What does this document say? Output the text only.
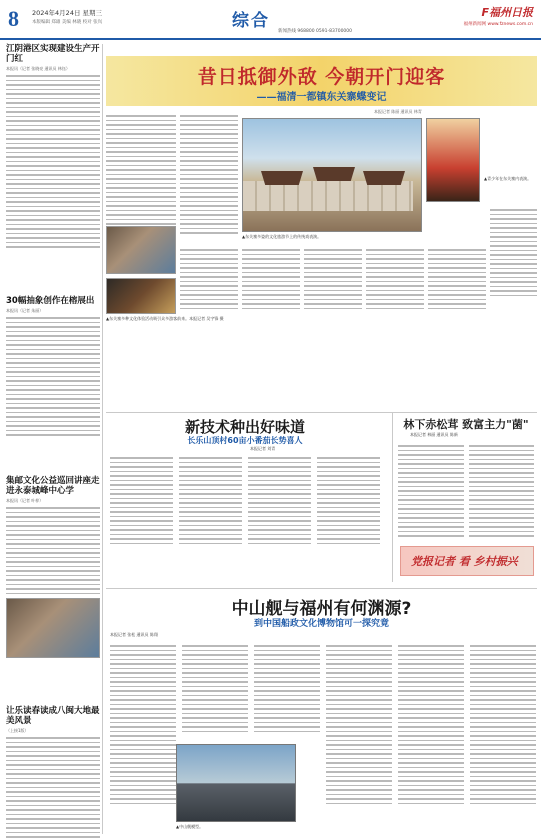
8 2024年4月24日 星期三
本版编辑 郑雄 美编 林晓 校对 张岚	综合	F福州日报
福州新闻网 www.fznews.com.cn
新闻热线 968800 0591-83700000
江阴港区实现建设生产开门红
本报讯（记者 张晓亮 通讯员 林钰）
30幅抽象创作在榕展出
本报讯（记者 朱丽）
集邮文化公益巡回讲座走进永泰城峰中心学
本报讯（记者 叶梓）
让乐读春读成八闽大地最美风景
（上接1版）
昔日抵御外敌 今朝开门迎客
——福清一都镇东关寨蝶变记
本报记者 陈丽 通讯员 林青
▲青少年在东关寨内表演。
▲东关寨多姿的文化旅游节上的传统戏表演。
▲东关寨多种文化体验活动吸引众多游客前来。本报记者 吴宇锋 摄
新技术种出好味道
长乐山顶村60亩小番茄长势喜人
本报记者 刘青
林下赤松茸 致富主力"菌"
本报记者 林丽 通讯员 陈新
党报记者 看 乡村振兴
中山舰与福州有何渊源?
到中国船政文化博物馆可一探究竟
本报记者 张松 通讯员 陈翔
▲中山舰模型。
